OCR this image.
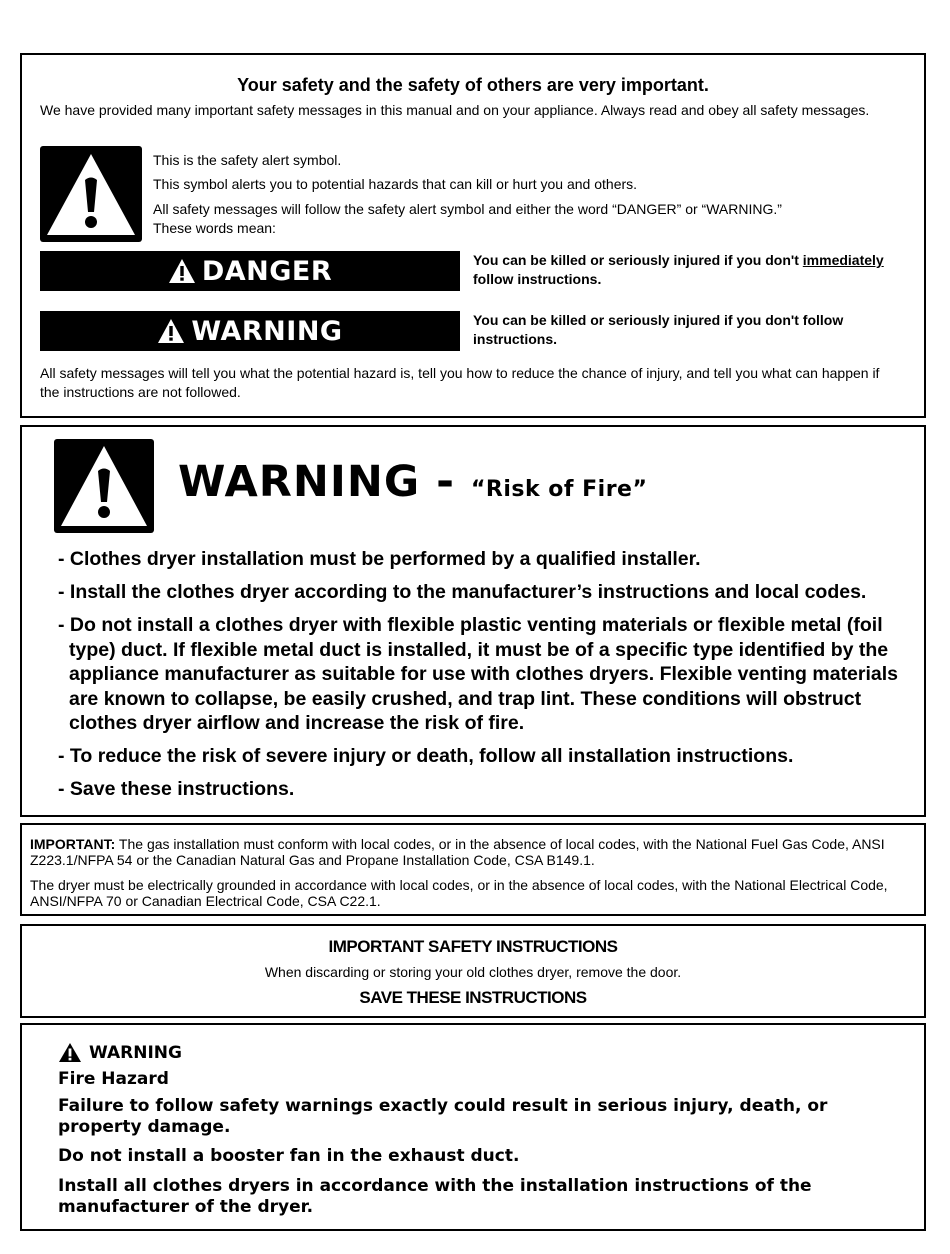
Your safety and the safety of others are very important.
We have provided many important safety messages in this manual and on your appliance. Always read and obey all safety messages.
This is the safety alert symbol.
This symbol alerts you to potential hazards that can kill or hurt you and others.
All safety messages will follow the safety alert symbol and either the word “DANGER” or “WARNING.”
These words mean:
DANGER	You can be killed or seriously injured if you don't immediately
follow instructions.
WARNING	You can be killed or seriously injured if you don't follow instructions.
All safety messages will tell you what the potential hazard is, tell you how to reduce the chance of injury, and tell you what can happen if the instructions are not followed.
WARNING - “Risk of Fire”
- Clothes dryer installation must be performed by a qualified installer.
- Install the clothes dryer according to the manufacturer’s instructions and local codes.
- Do not install a clothes dryer with flexible plastic venting materials or flexible metal (foil type) duct. If flexible metal duct is installed, it must be of a specific type identified by the appliance manufacturer as suitable for use with clothes dryers. Flexible venting materials are known to collapse, be easily crushed, and trap lint. These conditions will obstruct clothes dryer airflow and increase the risk of fire.
- To reduce the risk of severe injury or death, follow all installation instructions.
- Save these instructions.

IMPORTANT: The gas installation must conform with local codes, or in the absence of local codes, with the National Fuel Gas Code, ANSI Z223.1/NFPA 54 or the Canadian Natural Gas and Propane Installation Code, CSA B149.1.

The dryer must be electrically grounded in accordance with local codes, or in the absence of local codes, with the National Electrical Code, ANSI/NFPA 70 or Canadian Electrical Code, CSA C22.1.

IMPORTANT SAFETY INSTRUCTIONS
When discarding or storing your old clothes dryer, remove the door.
SAVE THESE INSTRUCTIONS
WARNING
Fire Hazard
Failure to follow safety warnings exactly could result in serious injury, death, or property damage.
Do not install a booster fan in the exhaust duct.
Install all clothes dryers in accordance with the installation instructions of the manufacturer of the dryer.
